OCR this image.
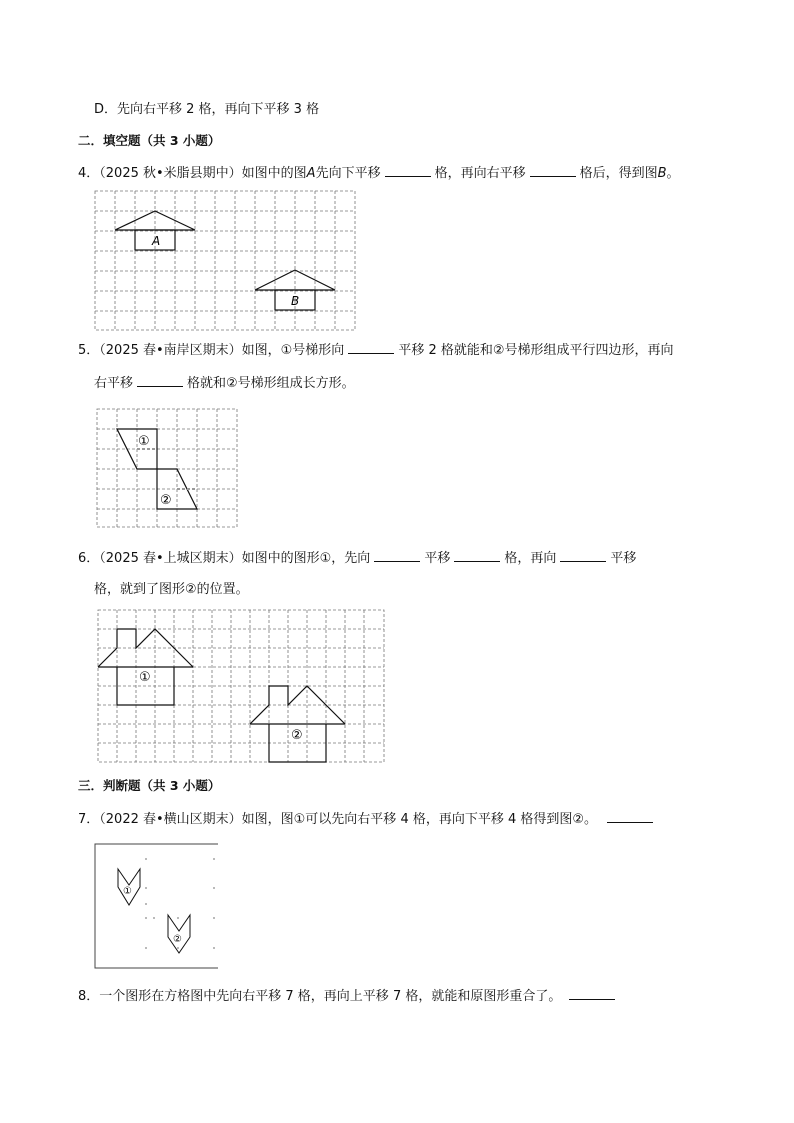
D．先向右平移 2 格，再向下平移 3 格
二．填空题（共 3 小题）
4．（2025 秋•米脂县期中）如图中的图A先向下平移	格，再向右平移	格后，得到图B。
A
B
5．（2025 春•南岸区期末）如图，①号梯形向	平移 2 格就能和②号梯形组成平行四边形，再向
右平移	格就和②号梯形组成长方形。
①
②
6．（2025 春•上城区期末）如图中的图形①，先向	平移	格，再向	平移
格，就到了图形②的位置。
①
②
三．判断题（共 3 小题）
7．（2022 春•横山区期末）如图，图①可以先向右平移 4 格，再向下平移 4 格得到图②。
①
②
8．一个图形在方格图中先向右平移 7 格，再向上平移 7 格，就能和原图形重合了。
